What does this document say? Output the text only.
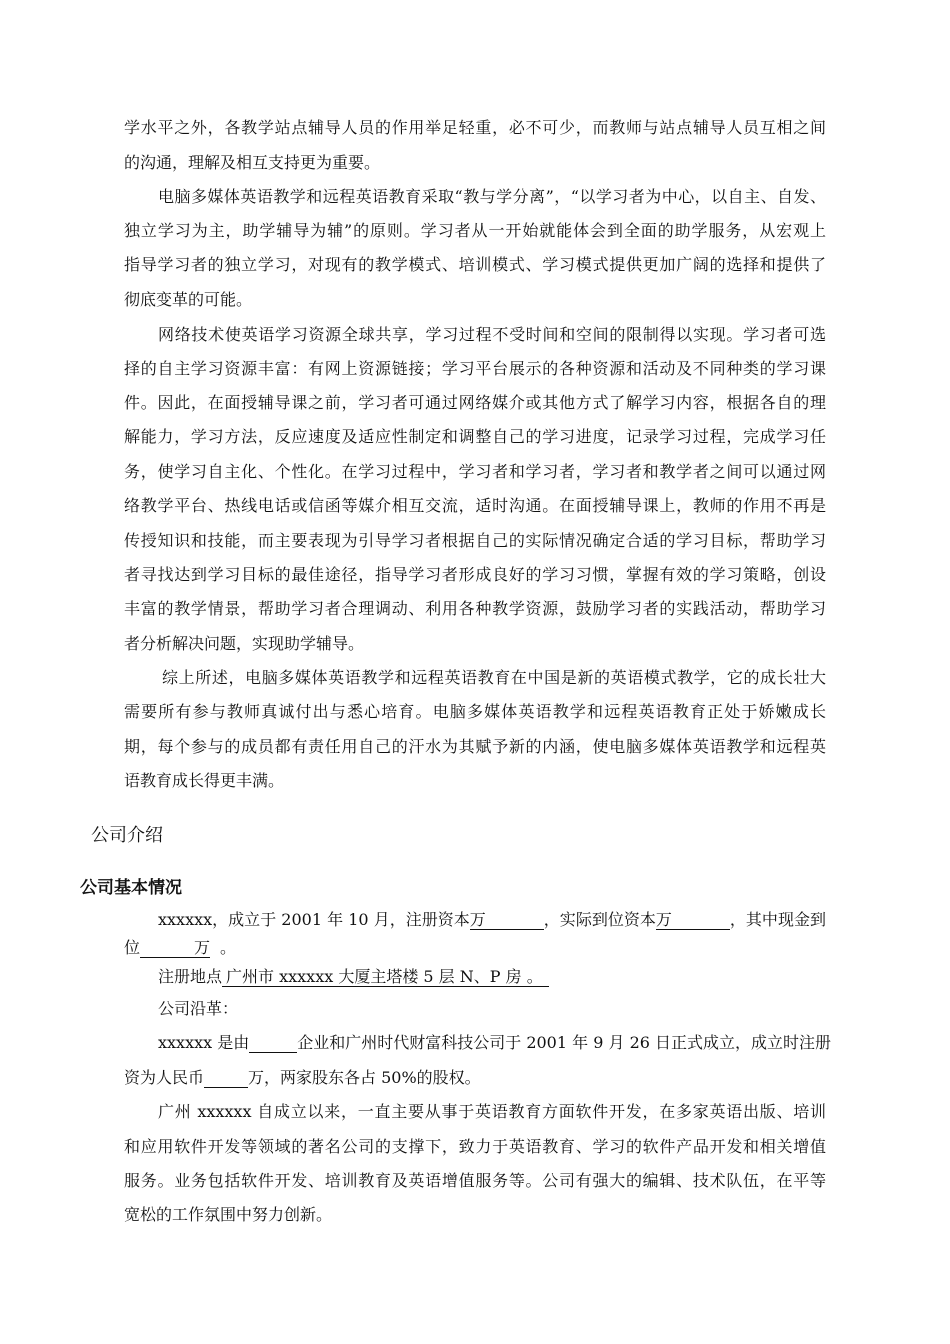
学水平之外，各教学站点辅导人员的作用举足轻重，必不可少，而教师与站点辅导人员互相之间
的沟通，理解及相互支持更为重要。
电脑多媒体英语教学和远程英语教育采取“教与学分离”，“以学习者为中心，以自主、自发、
独立学习为主，助学辅导为辅”的原则。学习者从一开始就能体会到全面的助学服务，从宏观上
指导学习者的独立学习，对现有的教学模式、培训模式、学习模式提供更加广阔的选择和提供了
彻底变革的可能。
网络技术使英语学习资源全球共享，学习过程不受时间和空间的限制得以实现。学习者可选
择的自主学习资源丰富：有网上资源链接；学习平台展示的各种资源和活动及不同种类的学习课
件。因此，在面授辅导课之前，学习者可通过网络媒介或其他方式了解学习内容，根据各自的理
解能力，学习方法，反应速度及适应性制定和调整自己的学习进度，记录学习过程，完成学习任
务，使学习自主化、个性化。在学习过程中，学习者和学习者，学习者和教学者之间可以通过网
络教学平台、热线电话或信函等媒介相互交流，适时沟通。在面授辅导课上，教师的作用不再是
传授知识和技能，而主要表现为引导学习者根据自己的实际情况确定合适的学习目标，帮助学习
者寻找达到学习目标的最佳途径，指导学习者形成良好的学习习惯，掌握有效的学习策略，创设
丰富的教学情景，帮助学习者合理调动、利用各种教学资源，鼓励学习者的实践活动，帮助学习
者分析解决问题，实现助学辅导。
综上所述，电脑多媒体英语教学和远程英语教育在中国是新的英语模式教学，它的成长壮大
需要所有参与教师真诚付出与悉心培育。电脑多媒体英语教学和远程英语教育正处于娇嫩成长
期，每个参与的成员都有责任用自己的汗水为其赋予新的内涵，使电脑多媒体英语教学和远程英
语教育成长得更丰满。
公司介绍
公司基本情况
xxxxxx，成立于 2001 年 10 月，注册资本万	，实际到位资本万	，其中现金到
位	万 。
注册地点 广州市 xxxxxx 大厦主塔楼 5 层 N、P 房 。
公司沿革：
xxxxxx 是由	企业和广州时代财富科技公司于 2001 年 9 月 26 日正式成立，成立时注册
资为人民币	万，两家股东各占 50%的股权。
广州 xxxxxx 自成立以来，一直主要从事于英语教育方面软件开发，在多家英语出版、培训
和应用软件开发等领域的著名公司的支撑下，致力于英语教育、学习的软件产品开发和相关增值
服务。业务包括软件开发、培训教育及英语增值服务等。公司有强大的编辑、技术队伍，在平等
宽松的工作氛围中努力创新。
